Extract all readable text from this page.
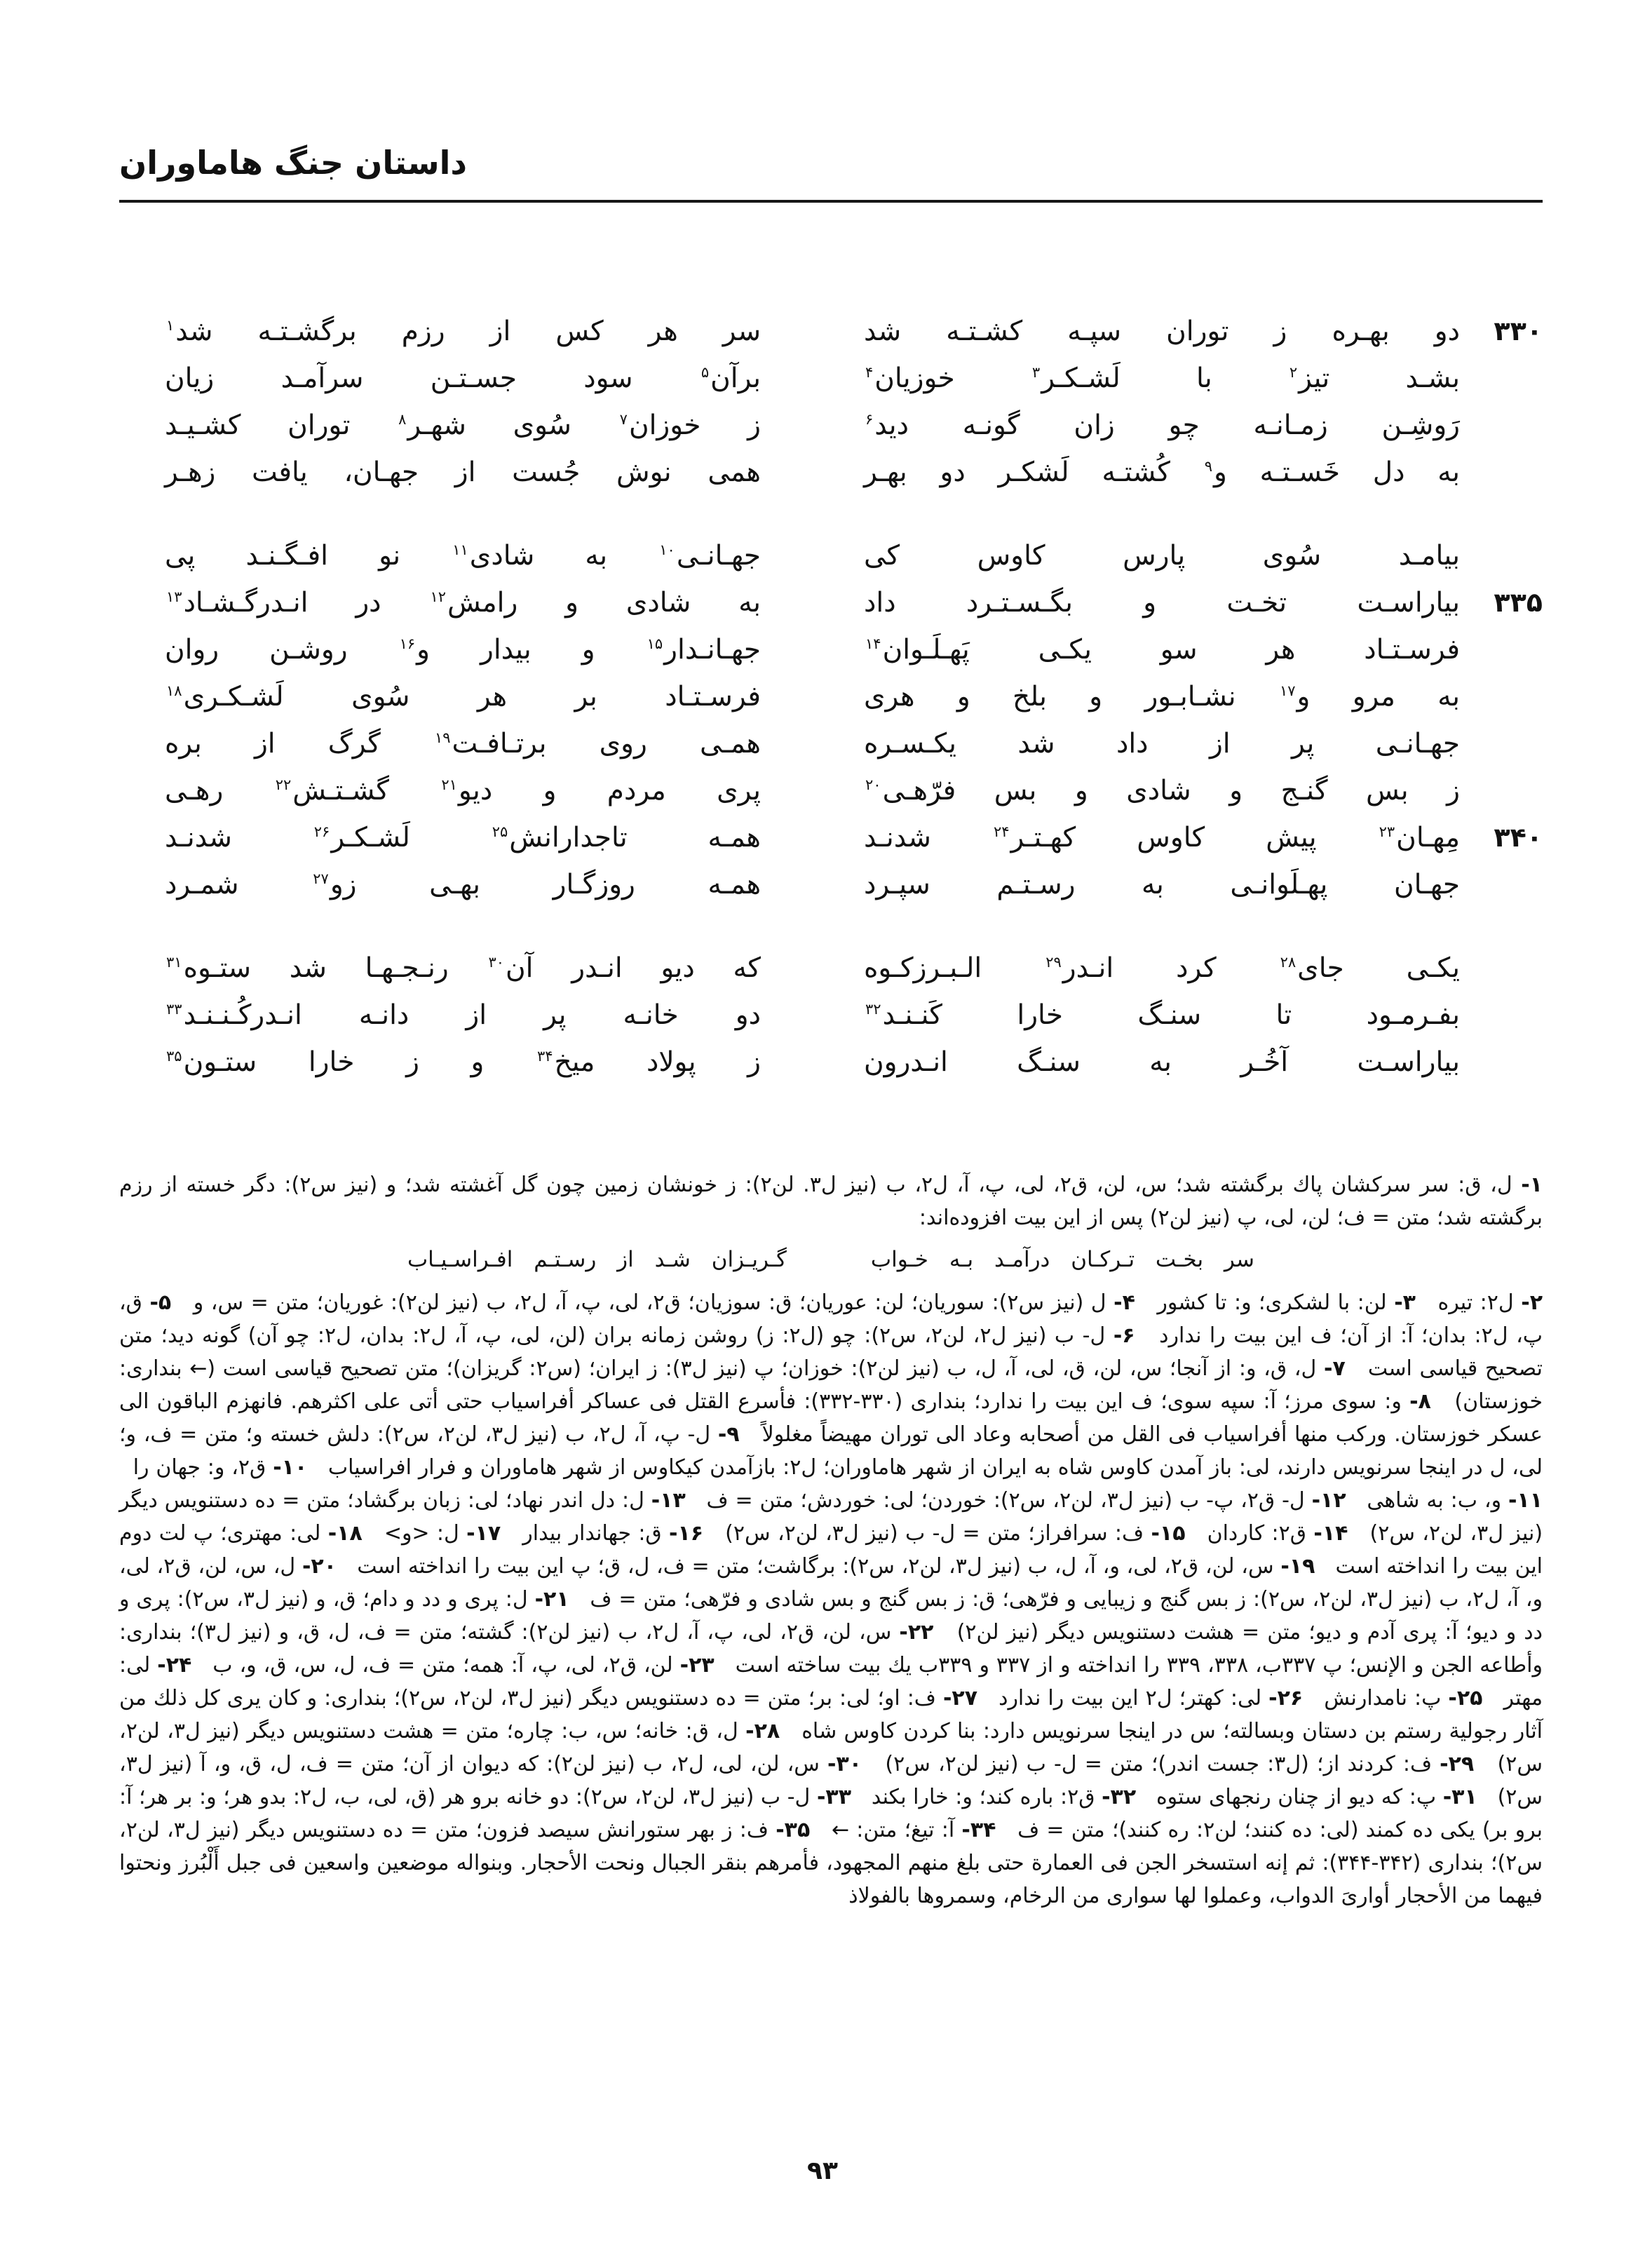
داستان جنگ هاماوران
۳۳۰
دو بهـره ز توران سپـه کشـتـه شد
سر هر کس از رزم برگشـتـه شد$^۱$
بشـد تیز$^۲$ با لَشـکـر$^۳$ خوزیان$^۴$
برآن$^۵$ سود جسـتـن سرآمـد زیان
رَوشِـن زمـانـه چو زان گونـه دید$^۶$
ز خوزان$^۷$ سُوی شهـر$^۸$ توران کشـیـد
به دل خَسـتـه و$^۹$ کُشتـه لَشکـر دو بهـر
همی نوش جُست از جهـان، یافت زهـر
بیامـد سُوی پارس کاوس کی
جهـانـی$^{۱۰}$ به شادی$^{۱۱}$ نو افـگـنـد پی
۳۳۵
بیاراسـت تخـت و بگـسـتـرد داد
به شادی و رامش$^{۱۲}$ در انـدرگـشـاد$^{۱۳}$
فرسـتـاد هر سو یکـی پَهـلَـوان$^{۱۴}$
جهـانـدار$^{۱۵}$ و بیدار و$^{۱۶}$ روشـن روان
به مرو و$^{۱۷}$ نشـابـور و بلخ و هری
فرسـتـاد بر هر سُوی لَشـکـری$^{۱۸}$
جهـانـی پر از داد شد یکـسـره
همـی روی برتـافـت$^{۱۹}$ گرگ از بره
ز بس گنـج و شادی و بس فرّهـی$^{۲۰}$
پری مردم و دیو$^{۲۱}$ گشـتـش$^{۲۲}$ رهـی
۳۴۰
مِهـان$^{۲۳}$ پیش کاوس کهـتـر$^{۲۴}$ شدنـد
همـه تاجدارانش$^{۲۵}$ لَشـکـر$^{۲۶}$ شدنـد
جهـان پهـلَوانـی به رسـتـم سپـرد
همـه روزگـار بهـی زو$^{۲۷}$ شمـرد
یکـی جای$^{۲۸}$ کرد انـدر$^{۲۹}$ الـبـرزکـوه
که دیو انـدر آن$^{۳۰}$ رنـجـهـا شد ستـوه$^{۳۱}$
بفـرمـود تا سنـگ خارا کَنـنـد$^{۳۲}$
دو خانـه پر از دانـه انـدرکُـنـنـد$^{۳۳}$
بیاراسـت آخُـر به سنـگ انـدرون
ز پولاد میخ$^{۳۴}$ و ز خارا ستـون$^{۳۵}$

۱- ل، ق: سر سرکشان پاك برگشته شد؛ س، لن، ق۲، لی، پ، آ، ل۲، ب (نیز ل۳. لن۲): ز خونشان زمین چون گل آغشته شد؛ و (نیز س۲): دگر خسته از رزم برگشته شد؛ متن = ف؛ لن، لی، پ (نیز لن۲) پس از این بیت افزوده‌اند:

سر بخـت تـرکـان درآمـد بـه خـواب
گـریـزان شـد از رسـتـم افـراسـیـاب

۲- ل۲: تیره   ۳- لن: با لشکری؛ و: تا کشور   ۴- ل (نیز س۲): سوریان؛ لن: عوریان؛ ق: سوزیان؛ ق۲، لی، پ، آ، ل۲، ب (نیز لن۲): غوریان؛ متن = س، و   ۵- ق، پ، ل۲: بدان؛ آ: از آن؛ ف این بیت را ندارد   ۶- ل- ب (نیز ل۲، لن۲، س۲): چو (ل۲: ز) روشن زمانه بران (لن، لی، پ، آ، ل۲: بدان، ل۲: چو آن) گونه دید؛ متن تصحیح قیاسی است   ۷- ل، ق، و: از آنجا؛ س، لن، ق، لی، آ، ل، ب (نیز لن۲): خوزان؛ پ (نیز ل۳): ز ایران؛ (س۲: گریزان)؛ متن تصحیح قیاسی است (← بنداری: خوزستان)   ۸- و: سوی مرز؛ آ: سپه سوی؛ ف این بیت را ندارد؛ بنداری (۳۳۰-۳۳۲): فأسرع القتل فی عساکر أفراسیاب حتی أتی علی اکثرهم. فانهزم الباقون الی عسکر خوزستان. ورکب منها أفراسیاب فی القل من أصحابه وعاد الی توران مهیضاً مغلولاً   ۹- ل- پ، آ، ل۲، ب (نیز ل۳، لن۲، س۲): دلش خسته و؛ متن = ف، و؛ لی، ل در اینجا سرنویس دارند، لی: باز آمدن کاوس شاه به ایران از شهر هاماوران؛ ل۲: بازآمدن کیکاوس از شهر هاماوران و فرار افراسیاب   ۱۰- ق۲، و: جهان را   ۱۱- و، ب: به شاهی   ۱۲- ل- ق۲، پ- ب (نیز ل۳، لن۲، س۲): خوردن؛ لی: خوردش؛ متن = ف   ۱۳- ل: دل اندر نهاد؛ لی: زبان برگشاد؛ متن = ده دستنویس دیگر (نیز ل۳، لن۲، س۲)   ۱۴- ق۲: کاردان   ۱۵- ف: سرافراز؛ متن = ل- ب (نیز ل۳، لن۲، س۲)   ۱۶- ق: جهاندار بیدار   ۱۷- ل: <و>   ۱۸- لی: مهتری؛ پ لت دوم این بیت را انداخته است   ۱۹- س، لن، ق۲، لی، و، آ، ل، ب (نیز ل۳، لن۲، س۲): برگاشت؛ متن = ف، ل، ق؛ پ این بیت را انداخته است   ۲۰- ل، س، لن، ق۲، لی، و، آ، ل۲، ب (نیز ل۳، لن۲، س۲): ز بس گنج و زیبایی و فرّهی؛ ق: ز بس گنج و بس شادی و فرّهی؛ متن = ف   ۲۱- ل: پری و دد و دام؛ ق، و (نیز ل۳، س۲): پری و دد و دیو؛ آ: پری آدم و دیو؛ متن = هشت دستنویس دیگر (نیز لن۲)   ۲۲- س، لن، ق۲، لی، پ، آ، ل۲، ب (نیز لن۲): گشته؛ متن = ف، ل، ق، و (نیز ل۳)؛ بنداری: وأطاعه الجن و الإنس؛ پ ۳۳۷ب، ۳۳۸، ۳۳۹ را انداخته و از ۳۳۷ و ۳۳۹ب یك بیت ساخته است   ۲۳- لن، ق۲، لی، پ، آ: همه؛ متن = ف، ل، س، ق، و، ب   ۲۴- لی: مهتر   ۲۵- پ: نامدارنش   ۲۶- لی: کهتر؛ ل۲ این بیت را ندارد   ۲۷- ف: او؛ لی: بر؛ متن = ده دستنویس دیگر (نیز ل۳، لن۲، س۲)؛ بنداری: و کان یری کل ذلك من آثار رجولیة رستم بن دستان وبسالته؛ س در اینجا سرنویس دارد: بنا کردن کاوس شاه   ۲۸- ل، ق: خانه؛ س، ب: چاره؛ متن = هشت دستنویس دیگر (نیز ل۳، لن۲، س۲)   ۲۹- ف: کردند از؛ (ل۳: جست اندر)؛ متن = ل- ب (نیز لن۲، س۲)   ۳۰- س، لن، لی، ل۲، ب (نیز لن۲): که دیوان از آن؛ متن = ف، ل، ق، و، آ (نیز ل۳، س۲)   ۳۱- پ: که دیو از چنان رنجهای ستوه   ۳۲- ق۲: باره کند؛ و: خارا بکند   ۳۳- ل- ب (نیز ل۳، لن۲، س۲): دو خانه برو هر (ق، لی، ب، ل۲: بدو هر؛ و: بر هر؛ آ: برو بر) یکی ده کمند (لی: ده کنند؛ لن۲: ره کنند)؛ متن = ف   ۳۴- آ: تیغ؛ متن: ←   ۳۵- ف: ز بهر ستورانش سیصد فزون؛ متن = ده دستنویس دیگر (نیز ل۳، لن۲، س۲)؛ بنداری (۳۴۲-۳۴۴): ثم إنه استسخر الجن فی العمارة حتی بلغ منهم المجهود، فأمرهم بنقر الجبال ونحت الأحجار. وبنواله موضعین واسعین فی جبل أَلْبُرز ونحتوا فیهما من الأحجار أواریَ الدواب، وعملوا لها سواری من الرخام، وسمروها بالفولاذ

۹۳
